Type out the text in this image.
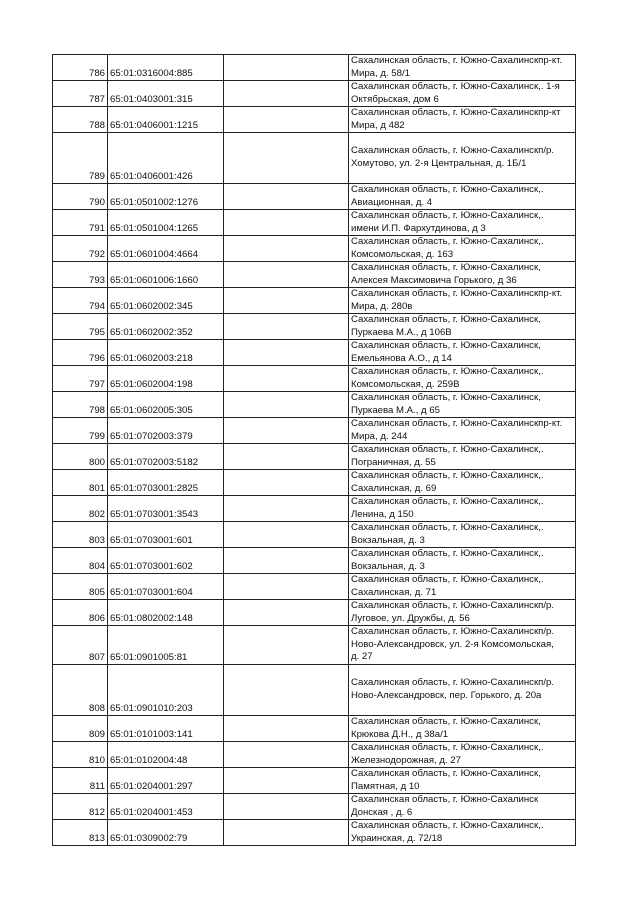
786	65:01:0316004:885		Сахалинская область, г. Южно-Сахалинскпр-кт.
Мира, д. 58/1

787	65:01:0403001:315		Сахалинская область, г. Южно-Сахалинск,. 1-я
Октябрьская, дом 6

788	65:01:0406001:1215		Сахалинская область, г. Южно-Сахалинскпр-кт
Мира, д 482

789	65:01:0406001:426		Сахалинская область, г. Южно-Сахалинскп/р.
Хомутово, ул. 2-я Центральная, д. 1Б/1

790	65:01:0501002:1276		Сахалинская область, г. Южно-Сахалинск,.
Авиационная, д. 4

791	65:01:0501004:1265		Сахалинская область, г. Южно-Сахалинск,.
имени И.П. Фархутдинова, д 3

792	65:01:0601004:4664		Сахалинская область, г. Южно-Сахалинск,.
Комсомольская, д. 163

793	65:01:0601006:1660		Сахалинская область, г. Южно-Сахалинск,
Алексея Максимовича Горького, д 36

794	65:01:0602002:345		Сахалинская область, г. Южно-Сахалинскпр-кт.
Мира, д. 280в

795	65:01:0602002:352		Сахалинская область, г. Южно-Сахалинск,
Пуркаева М.А., д 106В

796	65:01:0602003:218		Сахалинская область, г. Южно-Сахалинск,
Емельянова А.О., д 14

797	65:01:0602004:198		Сахалинская область, г. Южно-Сахалинск,.
Комсомольская, д. 259В

798	65:01:0602005:305		Сахалинская область, г. Южно-Сахалинск,
Пуркаева М.А., д 65

799	65:01:0702003:379		Сахалинская область, г. Южно-Сахалинскпр-кт.
Мира, д. 244

800	65:01:0702003:5182		Сахалинская область, г. Южно-Сахалинск,.
Пограничная, д. 55

801	65:01:0703001:2825		Сахалинская область, г. Южно-Сахалинск,.
Сахалинская, д. 69

802	65:01:0703001:3543		Сахалинская область, г. Южно-Сахалинск,.
Ленина, д 150

803	65:01:0703001:601		Сахалинская область, г. Южно-Сахалинск,.
Вокзальная, д. 3

804	65:01:0703001:602		Сахалинская область, г. Южно-Сахалинск,.
Вокзальная, д. 3

805	65:01:0703001:604		Сахалинская область, г. Южно-Сахалинск,.
Сахалинская, д. 71

806	65:01:0802002:148		Сахалинская область, г. Южно-Сахалинскп/р.
Луговое, ул. Дружбы, д. 56

807	65:01:0901005:81		Сахалинская область, г. Южно-Сахалинскп/р.
Ново-Александровск, ул. 2-я Комсомольская,
д. 27

808	65:01:0901010:203		Сахалинская область, г. Южно-Сахалинскп/р.
Ново-Александровск, пер. Горького, д. 20а

809	65:01:0101003:141		Сахалинская область, г. Южно-Сахалинск,
Крюкова Д.Н., д 38а/1

810	65:01:0102004:48		Сахалинская область, г. Южно-Сахалинск,.
Железнодорожная, д. 27

811	65:01:0204001:297		Сахалинская область, г. Южно-Сахалинск,
Памятная, д 10

812	65:01:0204001:453		Сахалинская область, г. Южно-Сахалинск
Донская , д. 6

813	65:01:0309002:79		Сахалинская область, г. Южно-Сахалинск,.
Украинская, д. 72/18
